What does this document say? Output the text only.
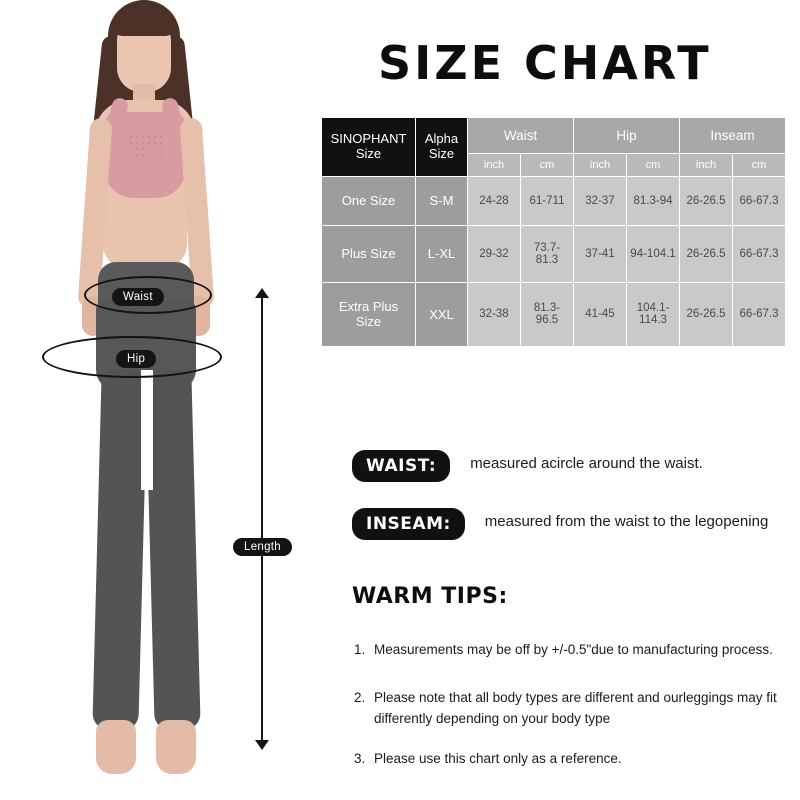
Waist
Hip
Length
SIZE CHART
SINOPHANT Size	Alpha Size	Waist		Hip		Inseam	
		inch	cm	inch	cm	inch	cm
One Size	S-M	24-28	61-711	32-37	81.3-94	26-26.5	66-67.3
Plus Size	L-XL	29-32	73.7-81.3	37-41	94-104.1	26-26.5	66-67.3
Extra Plus Size	XXL	32-38	81.3-96.5	41-45	104.1-114.3	26-26.5	66-67.3
WAIST:	measured acircle around the waist.
INSEAM:	measured from the waist to the legopening
WARM TIPS:
1. Measurements may be off by +/-0.5"due to manufacturing process.
2. Please note that all body types are different and ourleggings may fit differently depending on your body type
3. Please use this chart only as a reference.
